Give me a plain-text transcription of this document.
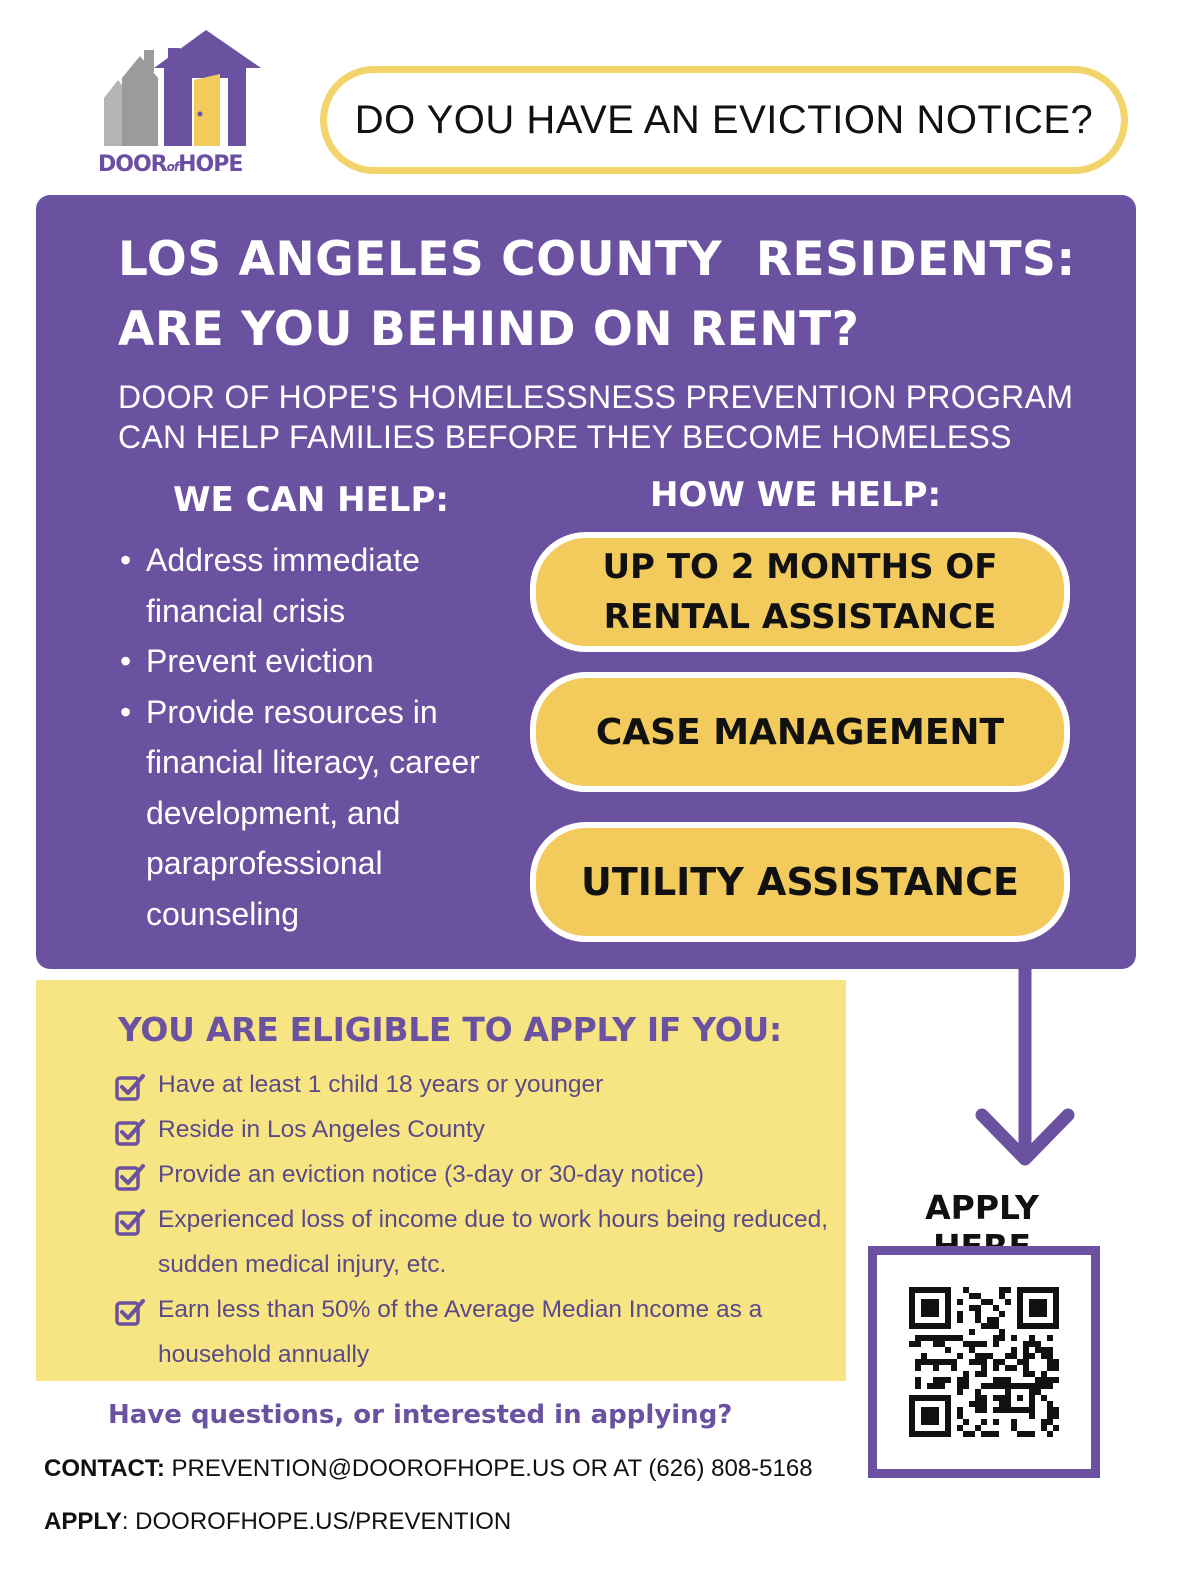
DOORofHOPE
DO YOU HAVE AN EVICTION NOTICE?
LOS ANGELES COUNTY  RESIDENTS:
ARE YOU BEHIND ON RENT?
DOOR OF HOPE'S HOMELESSNESS PREVENTION PROGRAM
CAN HELP FAMILIES BEFORE THEY BECOME HOMELESS
WE CAN HELP:	HOW WE HELP:
• Address immediate financial crisis
• Prevent eviction
• Provide resources in financial literacy, career development, and paraprofessional counseling
UP TO 2 MONTHS OF
RENTAL ASSISTANCE
CASE MANAGEMENT
UTILITY ASSISTANCE
YOU ARE ELIGIBLE TO APPLY IF YOU:
Have at least 1 child 18 years or younger
Reside in Los Angeles County
Provide an eviction notice (3-day or 30-day notice)
Experienced loss of income due to work hours being reduced, sudden medical injury, etc.
Earn less than 50% of the Average Median Income as a household annually
APPLY
Have questions, or interested in applying?
CONTACT: PREVENTION@DOOROFHOPE.US OR AT (626) 808-5168
APPLY: DOOROFHOPE.US/PREVENTION
